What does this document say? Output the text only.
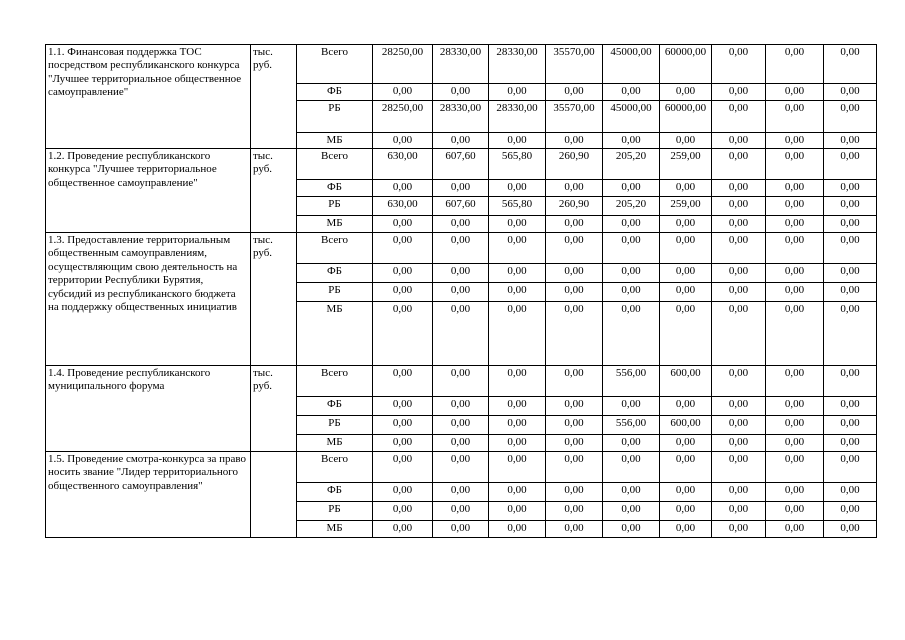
1.1. Финансовая поддержка ТОС посредством республиканского конкурса "Лучшее территориальное общественное самоуправление"	тыс. руб.	Всего	28250,00	28330,00	28330,00	35570,00	45000,00	60000,00	0,00	0,00	0,00
		ФБ	0,00	0,00	0,00	0,00	0,00	0,00	0,00	0,00	0,00
		РБ	28250,00	28330,00	28330,00	35570,00	45000,00	60000,00	0,00	0,00	0,00
		МБ	0,00	0,00	0,00	0,00	0,00	0,00	0,00	0,00	0,00
1.2. Проведение республиканского конкурса "Лучшее территориальное общественное самоуправление"	тыс. руб.	Всего	630,00	607,60	565,80	260,90	205,20	259,00	0,00	0,00	0,00
		ФБ	0,00	0,00	0,00	0,00	0,00	0,00	0,00	0,00	0,00
		РБ	630,00	607,60	565,80	260,90	205,20	259,00	0,00	0,00	0,00
		МБ	0,00	0,00	0,00	0,00	0,00	0,00	0,00	0,00	0,00
1.3. Предоставление территориальным общественным самоуправлениям, осуществляющим свою деятельность на территории Республики Бурятия, субсидий из республиканского бюджета на поддержку общественных инициатив	тыс. руб.	Всего	0,00	0,00	0,00	0,00	0,00	0,00	0,00	0,00	0,00
		ФБ	0,00	0,00	0,00	0,00	0,00	0,00	0,00	0,00	0,00
		РБ	0,00	0,00	0,00	0,00	0,00	0,00	0,00	0,00	0,00
		МБ	0,00	0,00	0,00	0,00	0,00	0,00	0,00	0,00	0,00
1.4. Проведение республиканского муниципального форума	тыс. руб.	Всего	0,00	0,00	0,00	0,00	556,00	600,00	0,00	0,00	0,00
		ФБ	0,00	0,00	0,00	0,00	0,00	0,00	0,00	0,00	0,00
		РБ	0,00	0,00	0,00	0,00	556,00	600,00	0,00	0,00	0,00
		МБ	0,00	0,00	0,00	0,00	0,00	0,00	0,00	0,00	0,00
1.5. Проведение смотра-конкурса за право носить звание "Лидер территориального общественного самоуправления"		Всего	0,00	0,00	0,00	0,00	0,00	0,00	0,00	0,00	0,00
		ФБ	0,00	0,00	0,00	0,00	0,00	0,00	0,00	0,00	0,00
		РБ	0,00	0,00	0,00	0,00	0,00	0,00	0,00	0,00	0,00
		МБ	0,00	0,00	0,00	0,00	0,00	0,00	0,00	0,00	0,00
